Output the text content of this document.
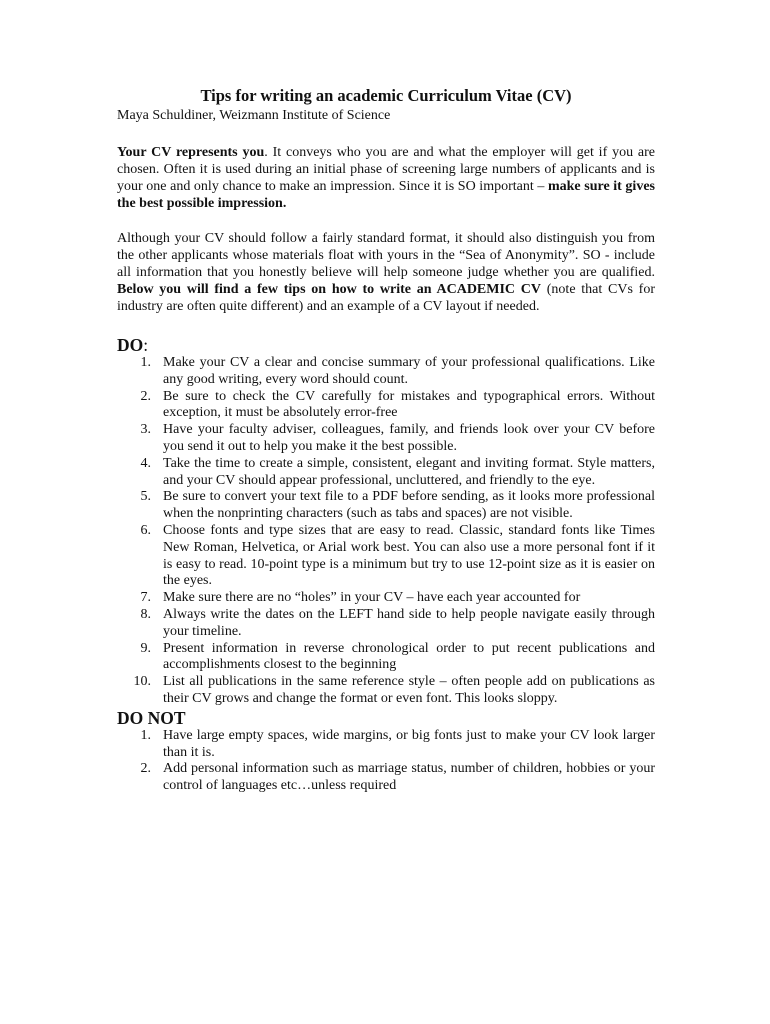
Tips for writing an academic Curriculum Vitae (CV)

Maya Schuldiner, Weizmann Institute of Science

Your CV represents you. It conveys who you are and what the employer will get if you are chosen. Often it is used during an initial phase of screening large numbers of applicants and is your one and only chance to make an impression. Since it is SO important – make sure it gives the best possible impression.

Although your CV should follow a fairly standard format, it should also distinguish you from the other applicants whose materials float with yours in the “Sea of Anonymity”. SO - include all information that you honestly believe will help someone judge whether you are qualified. Below you will find a few tips on how to write an ACADEMIC CV (note that CVs for industry are often quite different) and an example of a CV layout if needed.

DO:
1. Make your CV a clear and concise summary of your professional qualifications. Like any good writing, every word should count.
2. Be sure to check the CV carefully for mistakes and typographical errors. Without exception, it must be absolutely error-free
3. Have your faculty adviser, colleagues, family, and friends look over your CV before you send it out to help you make it the best possible.
4. Take the time to create a simple, consistent, elegant and inviting format. Style matters, and your CV should appear professional, uncluttered, and friendly to the eye.
5. Be sure to convert your text file to a PDF before sending, as it looks more professional when the nonprinting characters (such as tabs and spaces) are not visible.
6. Choose fonts and type sizes that are easy to read. Classic, standard fonts like Times New Roman, Helvetica, or Arial work best. You can also use a more personal font if it is easy to read. 10-point type is a minimum but try to use 12-point size as it is easier on the eyes.
7. Make sure there are no “holes” in your CV – have each year accounted for
8. Always write the dates on the LEFT hand side to help people navigate easily through your timeline.
9. Present information in reverse chronological order to put recent publications and accomplishments closest to the beginning
10. List all publications in the same reference style – often people add on publications as their CV grows and change the format or even font. This looks sloppy.
DO NOT
1. Have large empty spaces, wide margins, or big fonts just to make your CV look larger than it is.
2. Add personal information such as marriage status, number of children, hobbies or your control of languages etc…unless required
